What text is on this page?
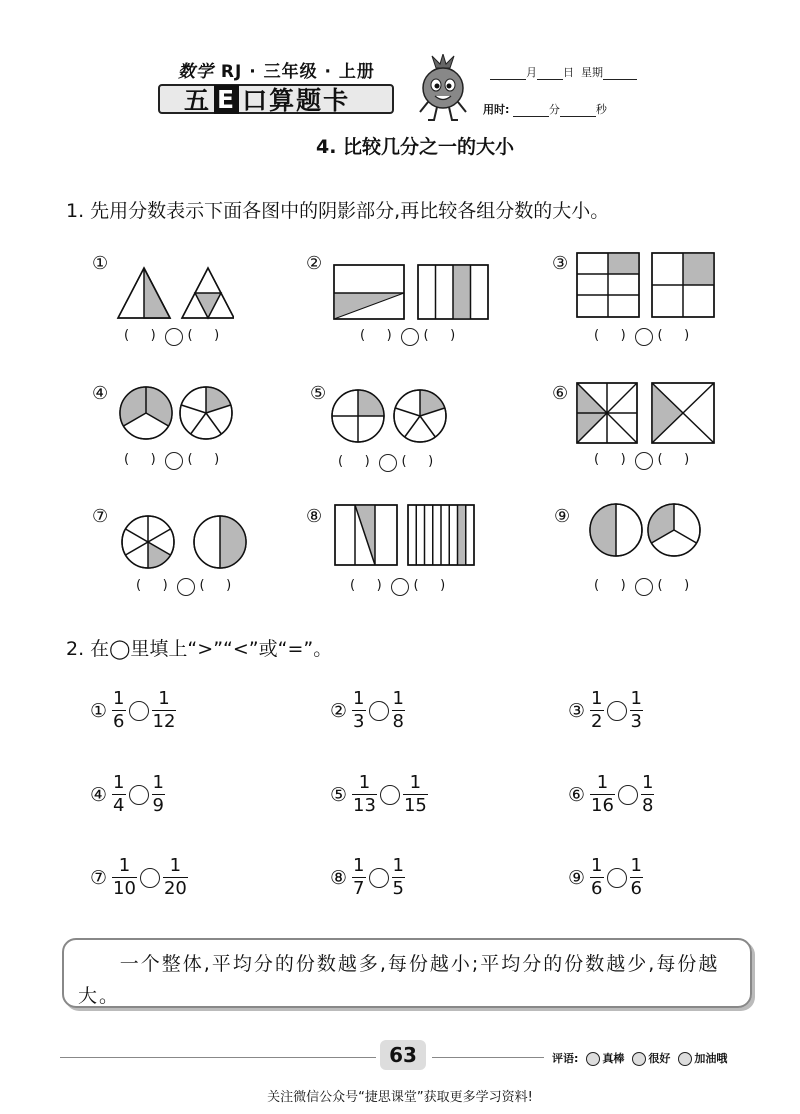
数学 RJ · 三年级 · 上册
五 E 口算题卡
月 日 星期
用时:	分	秒
4. 比较几分之一的大小
1. 先用分数表示下面各图中的阴影部分,再比较各组分数的大小。
①
(    )      (    )
②
(    )      (    )
③
(    )      (    )
④
(    )      (    )
⑤
(    )      (    )
⑥
(    )      (    )
⑦
(    )      (    )
⑧
(    )      (    )
⑨
(    )      (    )
2. 在◯里填上“>”“<”或“=”。
① $\frac{1}{6} \frac{1}{12}$	② $\frac{1}{3} \frac{1}{8}$	③ $\frac{1}{2} \frac{1}{3}$
④ $\frac{1}{4} \frac{1}{9}$	⑤ $\frac{1}{13} \frac{1}{15}$	⑥ $\frac{1}{16} \frac{1}{8}$
⑦ $\frac{1}{10} \frac{1}{20}$	⑧ $\frac{1}{7} \frac{1}{5}$	⑨ $\frac{1}{6} \frac{1}{6}$
一个整体,平均分的份数越多,每份越小;平均分的份数越少,每份越大。
63	评语: 真棒 很好 加油哦
关注微信公众号“捷思课堂”获取更多学习资料!
